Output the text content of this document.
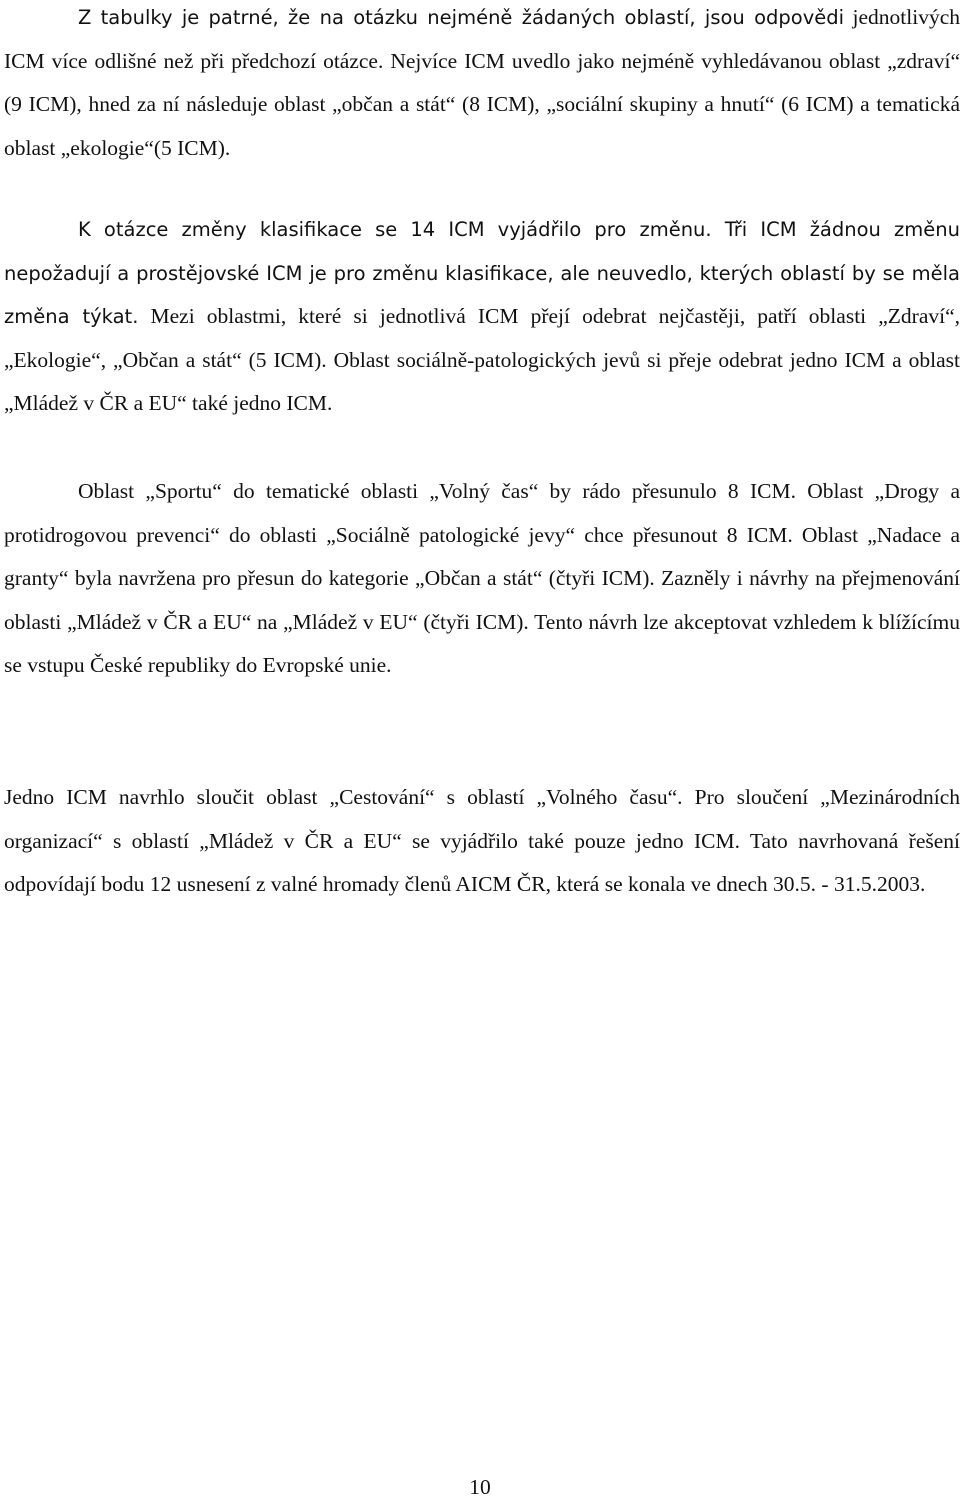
Z tabulky je patrné, že na otázku nejméně žádaných oblastí, jsou odpovědi jednotlivých ICM více odlišné než při předchozí otázce. Nejvíce ICM uvedlo jako nejméně vyhledávanou oblast „zdraví“ (9 ICM), hned za ní následuje oblast „občan a stát“ (8 ICM), „sociální skupiny a hnutí“ (6 ICM) a tematická oblast „ekologie“(5 ICM).

K otázce změny klasifikace se 14 ICM vyjádřilo pro změnu. Tři ICM žádnou změnu nepožadují a prostějovské ICM je pro změnu klasifikace, ale neuvedlo, kterých oblastí by se měla změna týkat. Mezi oblastmi, které si jednotlivá ICM přejí odebrat nejčastěji, patří oblasti „Zdraví“, „Ekologie“, „Občan a stát“ (5 ICM). Oblast sociálně-patologických jevů si přeje odebrat jedno ICM a oblast „Mládež v ČR a EU“ také jedno ICM.

Oblast „Sportu“ do tematické oblasti „Volný čas“ by rádo přesunulo 8 ICM. Oblast „Drogy a protidrogovou prevenci“ do oblasti „Sociálně patologické jevy“ chce přesunout 8 ICM. Oblast „Nadace a granty“ byla navržena pro přesun do kategorie „Občan a stát“ (čtyři ICM). Zazněly i návrhy na přejmenování oblasti „Mládež v ČR a EU“ na „Mládež v EU“ (čtyři ICM). Tento návrh lze akceptovat vzhledem k blížícímu se vstupu České republiky do Evropské unie.

Jedno ICM navrhlo sloučit oblast „Cestování“ s oblastí „Volného času“. Pro sloučení „Mezinárodních organizací“ s oblastí „Mládež v ČR a EU“ se vyjádřilo také pouze jedno ICM. Tato navrhovaná řešení odpovídají bodu 12 usnesení z valné hromady členů AICM ČR, která se konala ve dnech 30.5. - 31.5.2003.

10
